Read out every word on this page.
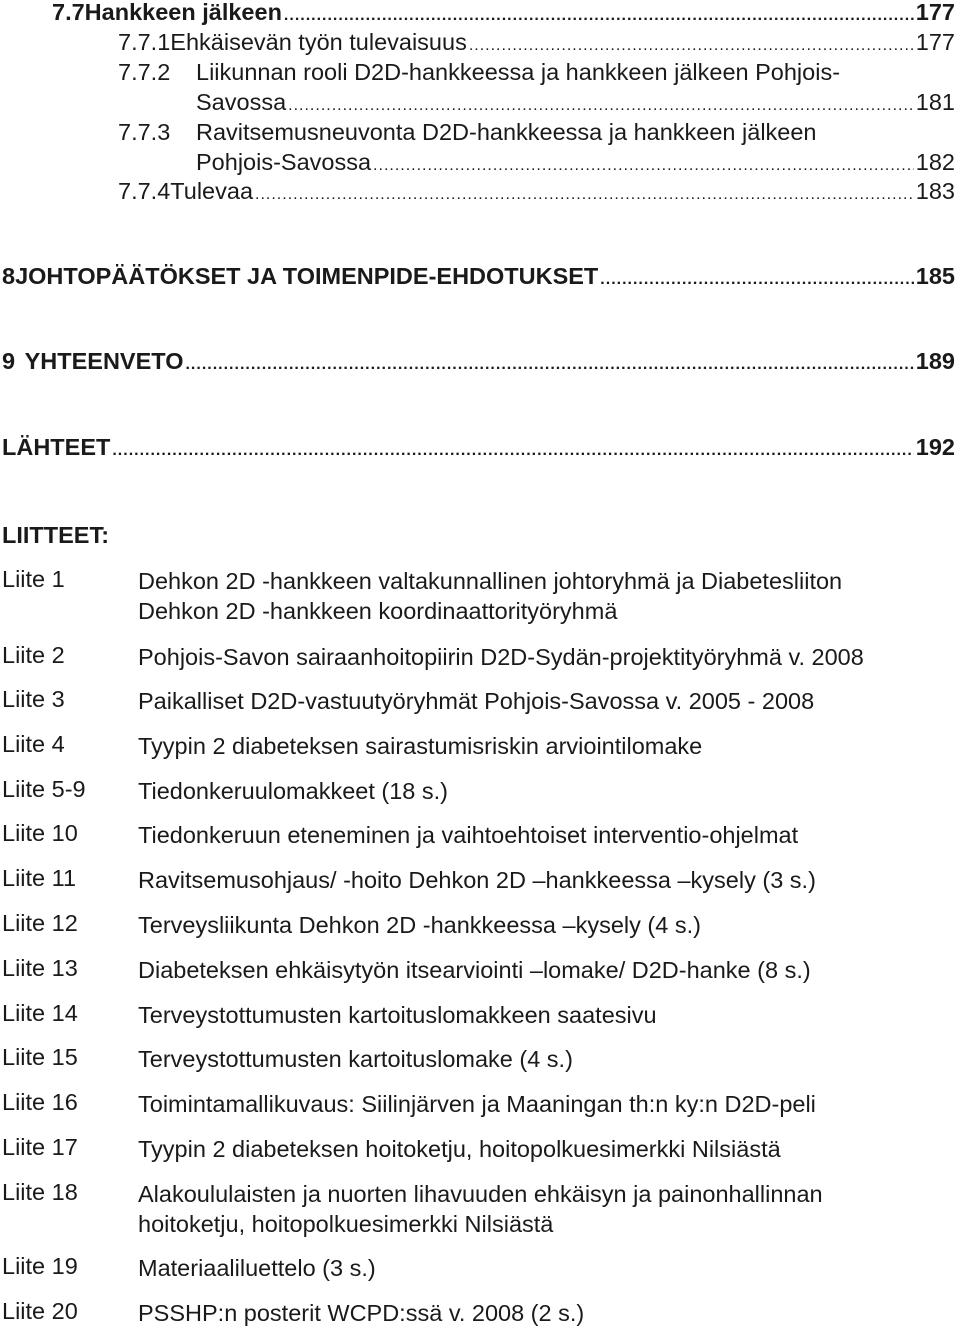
7.7 Hankkeen jälkeen .....	177
7.7.1 Ehkäisevän työn tulevaisuus .....	177
7.7.2	Liikunnan rooli D2D-hankkeessa ja hankkeen jälkeen Pohjois-
Savossa .....	181
7.7.3	Ravitsemusneuvonta D2D-hankkeessa ja hankkeen jälkeen
Pohjois-Savossa .....	182
7.7.4 Tulevaa .....	183
8 JOHTOPÄÄTÖKSET JA TOIMENPIDE-EHDOTUKSET .....	185
9 YHTEENVETO .....	189
LÄHTEET .....	192
LIITTEET:
Liite 1	Dehkon 2D -hankkeen valtakunnallinen johtoryhmä ja Diabetesliiton
Dehkon 2D -hankkeen koordinaattorityöryhmä
Liite 2	Pohjois-Savon sairaanhoitopiirin D2D-Sydän-projektityöryhmä v. 2008
Liite 3	Paikalliset D2D-vastuutyöryhmät Pohjois-Savossa v. 2005 - 2008
Liite 4	Tyypin 2 diabeteksen sairastumisriskin arviointilomake
Liite 5-9 Tiedonkeruulomakkeet (18 s.)
Liite 10	Tiedonkeruun eteneminen ja vaihtoehtoiset interventio-ohjelmat
Liite 11	Ravitsemusohjaus/ -hoito Dehkon 2D –hankkeessa –kysely (3 s.)
Liite 12	Terveysliikunta Dehkon 2D -hankkeessa –kysely (4 s.)
Liite 13	Diabeteksen ehkäisytyön itsearviointi –lomake/ D2D-hanke (8 s.)
Liite 14	Terveystottumusten kartoituslomakkeen saatesivu
Liite 15	Terveystottumusten kartoituslomake (4 s.)
Liite 16	Toimintamallikuvaus: Siilinjärven ja Maaningan th:n ky:n D2D-peli
Liite 17	Tyypin 2 diabeteksen hoitoketju, hoitopolkuesimerkki Nilsiästä
Liite 18	Alakoululaisten ja nuorten lihavuuden ehkäisyn ja painonhallinnan
hoitoketju, hoitopolkuesimerkki Nilsiästä
Liite 19	Materiaaliluettelo (3 s.)
Liite 20	PSSHP:n posterit WCPD:ssä v. 2008 (2 s.)
